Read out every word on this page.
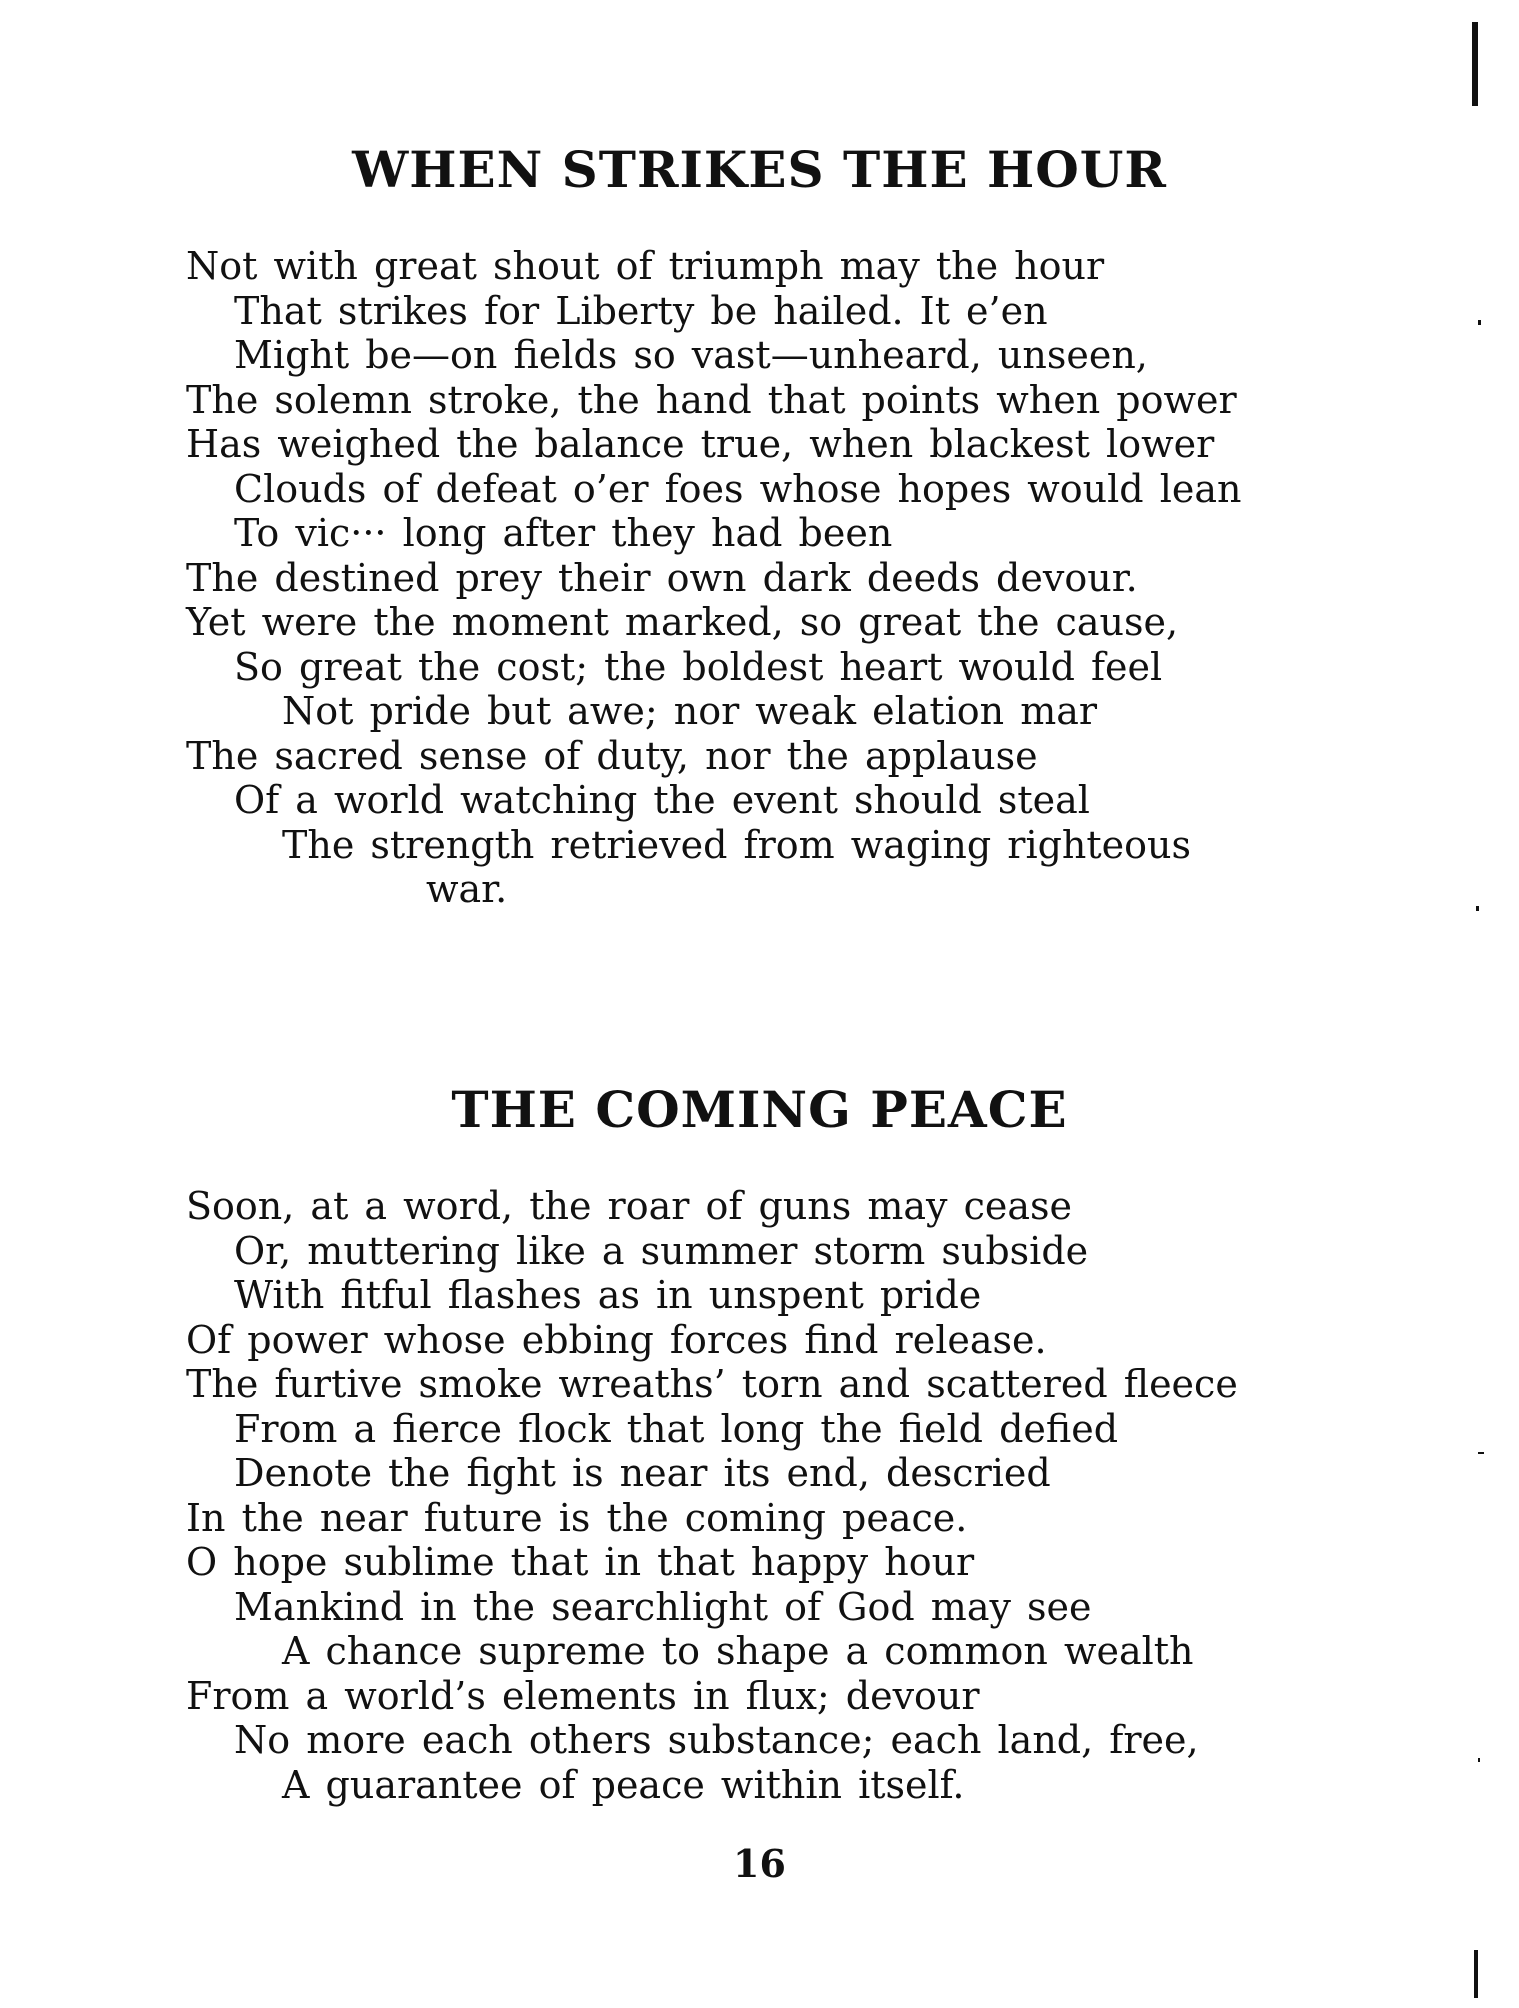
WHEN STRIKES THE HOUR
Not with great shout of triumph may the hour
That strikes for Liberty be hailed. It e’en
Might be—on fields so vast—unheard, unseen,
The solemn stroke, the hand that points when power
Has weighed the balance true, when blackest lower
Clouds of defeat o’er foes whose hopes would lean
To vic··· long after they had been
The destined prey their own dark deeds devour.
Yet were the moment marked, so great the cause,
So great the cost; the boldest heart would feel
Not pride but awe; nor weak elation mar
The sacred sense of duty, nor the applause
Of a world watching the event should steal
The strength retrieved from waging righteous
war.
THE COMING PEACE
Soon, at a word, the roar of guns may cease
Or, muttering like a summer storm subside
With fitful flashes as in unspent pride
Of power whose ebbing forces find release.
The furtive smoke wreaths’ torn and scattered fleece
From a fierce flock that long the field defied
Denote the fight is near its end, descried
In the near future is the coming peace.
O hope sublime that in that happy hour
Mankind in the searchlight of God may see
A chance supreme to shape a common wealth
From a world’s elements in flux; devour
No more each others substance; each land, free,
A guarantee of peace within itself.

16
